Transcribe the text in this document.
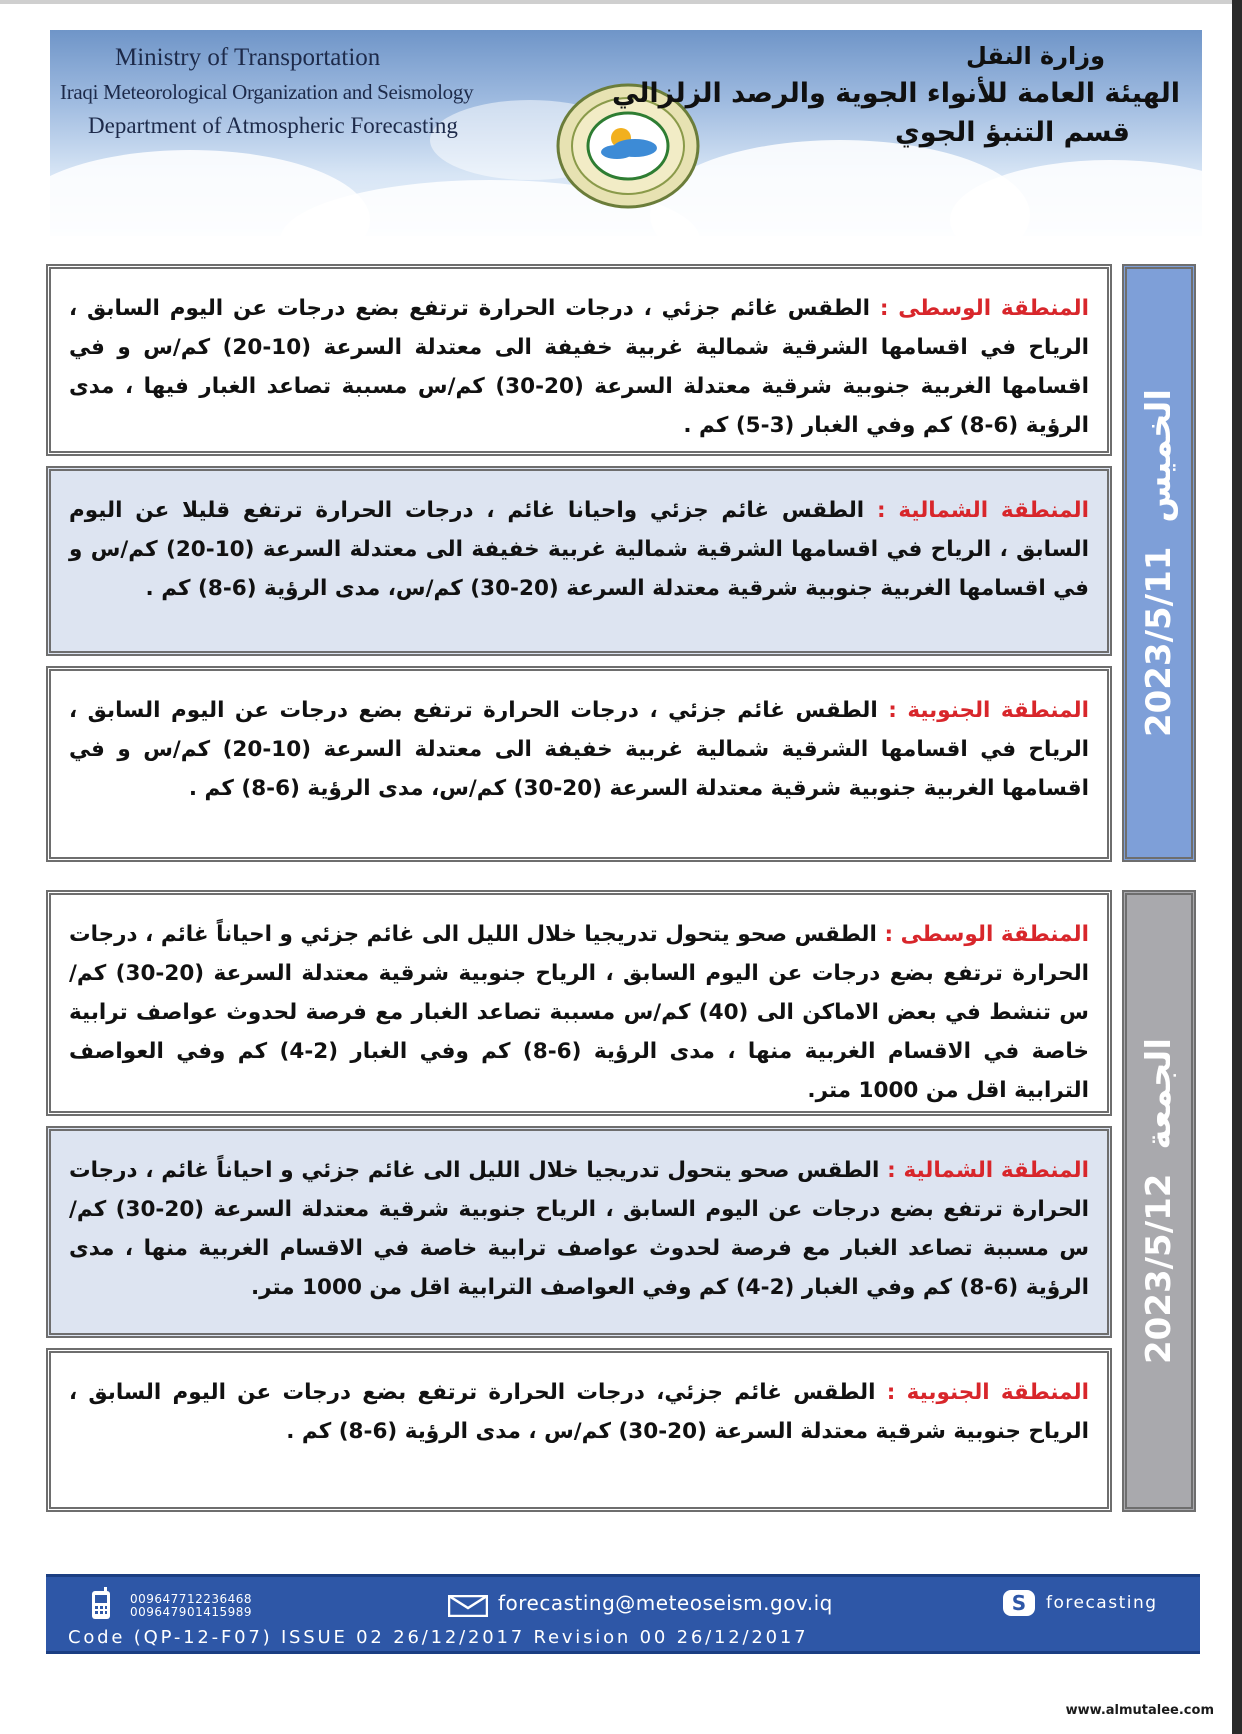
Ministry of Transportation
Iraqi Meteorological Organization and Seismology
Department of Atmospheric Forecasting
وزارة النقل
الهيئة العامة للأنواء الجوية والرصد الزلزالي
قسم التنبؤ الجوي
المنطقة الوسطى : الطقس غائم جزئي ، درجات الحرارة ترتفع بضع درجات عن اليوم السابق ، الرياح في اقسامها الشرقية شمالية غربية خفيفة الى معتدلة السرعة (10-20) كم/س و في اقسامها الغربية جنوبية شرقية معتدلة السرعة (20-30) كم/س مسببة تصاعد الغبار فيها ، مدى الرؤية (6-8) كم وفي الغبار (3-5) كم .
المنطقة الشمالية : الطقس غائم جزئي واحيانا غائم ، درجات الحرارة ترتفع قليلا عن اليوم السابق ، الرياح في اقسامها الشرقية شمالية غربية خفيفة الى معتدلة السرعة (10-20) كم/س و في اقسامها الغربية جنوبية شرقية معتدلة السرعة (20-30) كم/س، مدى الرؤية (6-8) كم .
المنطقة الجنوبية : الطقس غائم جزئي ، درجات الحرارة ترتفع بضع درجات عن اليوم السابق ، الرياح في اقسامها الشرقية شمالية غربية خفيفة الى معتدلة السرعة (10-20) كم/س و في اقسامها الغربية جنوبية شرقية معتدلة السرعة (20-30) كم/س، مدى الرؤية (6-8) كم .
الخميس2023/5/11
المنطقة الوسطى : الطقس صحو يتحول تدريجيا خلال الليل الى غائم جزئي و احياناً غائم ، درجات الحرارة ترتفع بضع درجات عن اليوم السابق ، الرياح جنوبية شرقية معتدلة السرعة (20-30) كم/س تنشط في بعض الاماكن الى (40) كم/س مسببة تصاعد الغبار مع فرصة لحدوث عواصف ترابية خاصة في الاقسام الغربية منها ، مدى الرؤية (6-8) كم وفي الغبار (2-4) كم وفي العواصف الترابية اقل من 1000 متر.
المنطقة الشمالية : الطقس صحو يتحول تدريجيا خلال الليل الى غائم جزئي و احياناً غائم ، درجات الحرارة ترتفع بضع درجات عن اليوم السابق ، الرياح جنوبية شرقية معتدلة السرعة (20-30) كم/س مسببة تصاعد الغبار مع فرصة لحدوث عواصف ترابية خاصة في الاقسام الغربية منها ، مدى الرؤية (6-8) كم وفي الغبار (2-4) كم وفي العواصف الترابية اقل من 1000 متر.
المنطقة الجنوبية : الطقس غائم جزئي، درجات الحرارة ترتفع بضع درجات عن اليوم السابق ، الرياح جنوبية شرقية معتدلة السرعة (20-30) كم/س ، مدى الرؤية (6-8) كم .
الجمعة2023/5/12
009647712236468
009647901415989	forecasting@meteoseism.gov.iq	S forecasting
Code (QP-12-F07) ISSUE 02 26/12/2017 Revision 00 26/12/2017
www.almutalee.com
